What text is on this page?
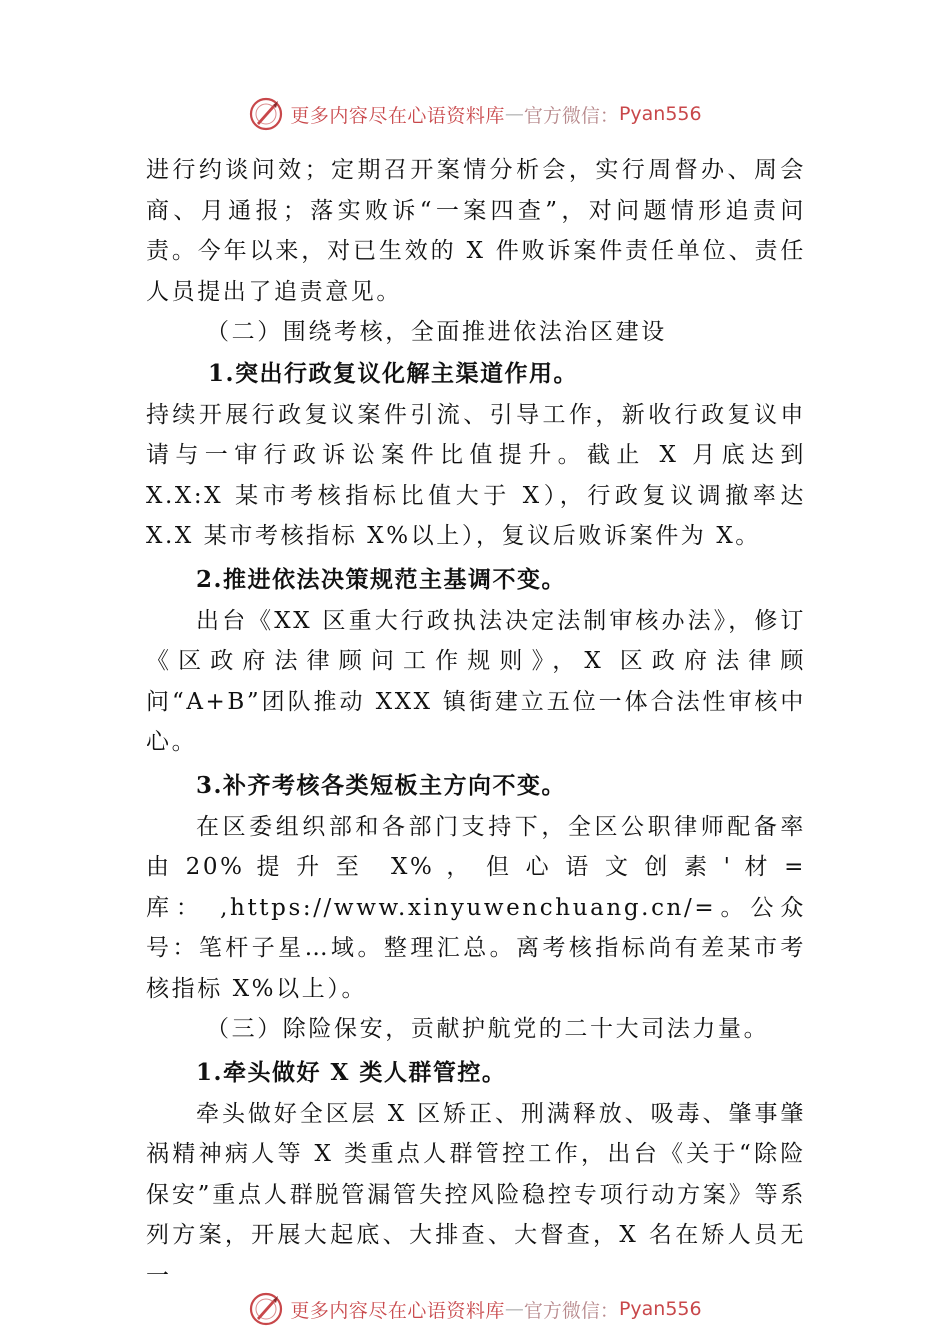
更多内容尽在心语资料库 — 官方微信： Pyan556

进行约谈问效；定期召开案情分析会，实行周督办、周会商、月通报；落实败诉“一案四查”，对问题情形追责问责。今年以来，对已生效的 X 件败诉案件责任单位、责任人员提出了追责意见。

（二）围绕考核，全面推进依法治区建设

1.突出行政复议化解主渠道作用。

持续开展行政复议案件引流、引导工作，新收行政复议申请与一审行政诉讼案件比值提升。截止 X 月底达到 X.X:X 某市考核指标比值大于 X），行政复议调撤率达 X.X 某市考核指标 X%以上），复议后败诉案件为 X。

2.推进依法决策规范主基调不变。

出台《XX 区重大行政执法决定法制审核办法》，修订《区政府法律顾问工作规则》，X 区政府法律顾问“A+B”团队推动 XXX 镇街建立五位一体合法性审核中心。

3.补齐考核各类短板主方向不变。

在区委组织部和各部门支持下，全区公职律师配备率由 20% 提 升 至　X% ， 但 心 语 文 创 素 ' 材 = 库： ,https://www.xinyuwenchuang.cn/=。公众号：笔杆子星…域。整理汇总。离考核指标尚有差某市考核指标 X%以上）。

（三）除险保安，贡献护航党的二十大司法力量。

1.牵头做好 X 类人群管控。

牵头做好全区层 X 区矫正、刑满释放、吸毒、肇事肇祸精神病人等 X 类重点人群管控工作，出台《关于“除险保安”重点人群脱管漏管失控风险稳控专项行动方案》等系列方案，开展大起底、大排查、大督查，X 名在矫人员无一

更多内容尽在心语资料库 — 官方微信： Pyan556
